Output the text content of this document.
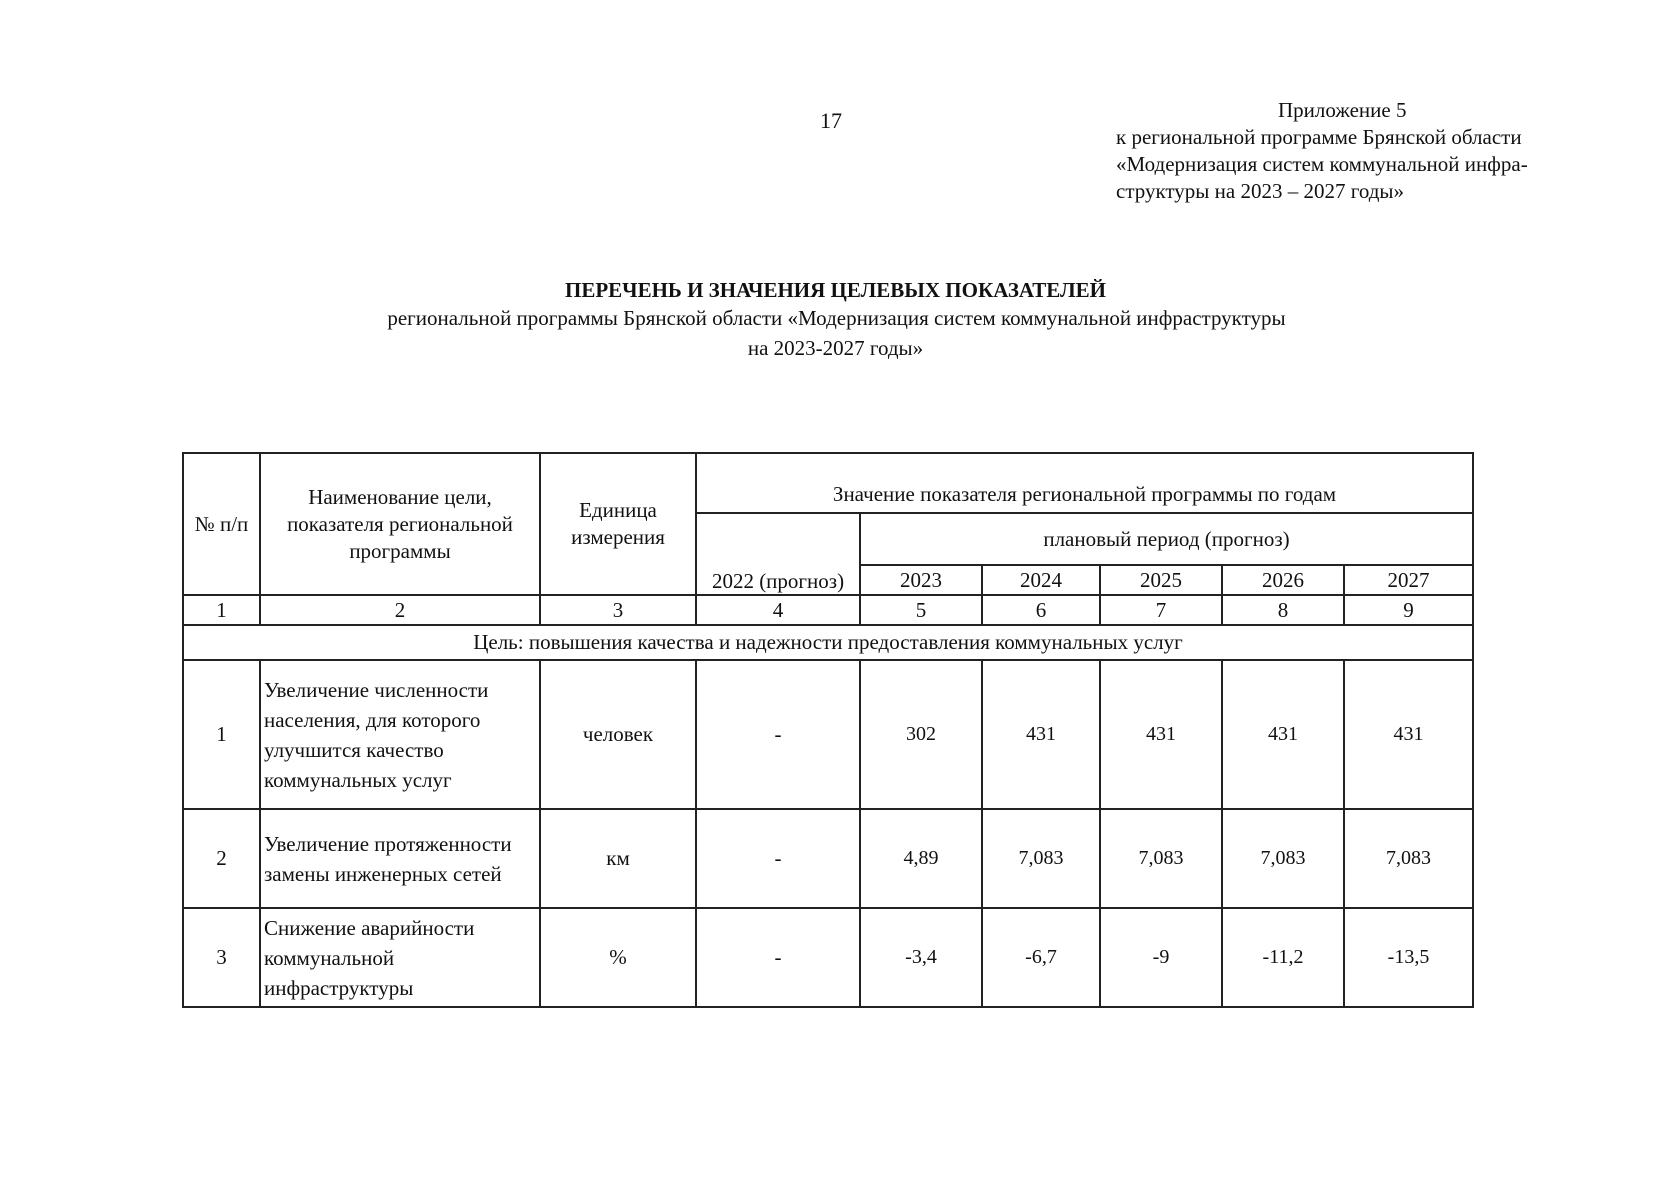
17	Приложение 5
к региональной программе Брянской области
«Модернизация систем коммунальной инфра-
структуры на 2023 – 2027 годы»
ПЕРЕЧЕНЬ И ЗНАЧЕНИЯ ЦЕЛЕВЫХ ПОКАЗАТЕЛЕЙ
региональной программы Брянской области «Модернизация систем коммунальной инфраструктуры
на 2023-2027 годы»
№ п/п	Наименование цели, показателя региональной программы	Единица измерения	Значение показателя региональной программы по годам					
			2022 (прогноз)	плановый период (прогноз)				
				2023	2024	2025	2026	2027
1	2	3	4	5	6	7	8	9
Цель: повышения качества и надежности предоставления коммунальных услуг								
1	Увеличение численности населения, для которого улучшится качество коммунальных услуг	человек	-	302	431	431	431	431
2	Увеличение протяженности замены инженерных сетей	км	-	4,89	7,083	7,083	7,083	7,083
3	Снижение аварийности коммунальной инфраструктуры	%	-	-3,4	-6,7	-9	-11,2	-13,5
